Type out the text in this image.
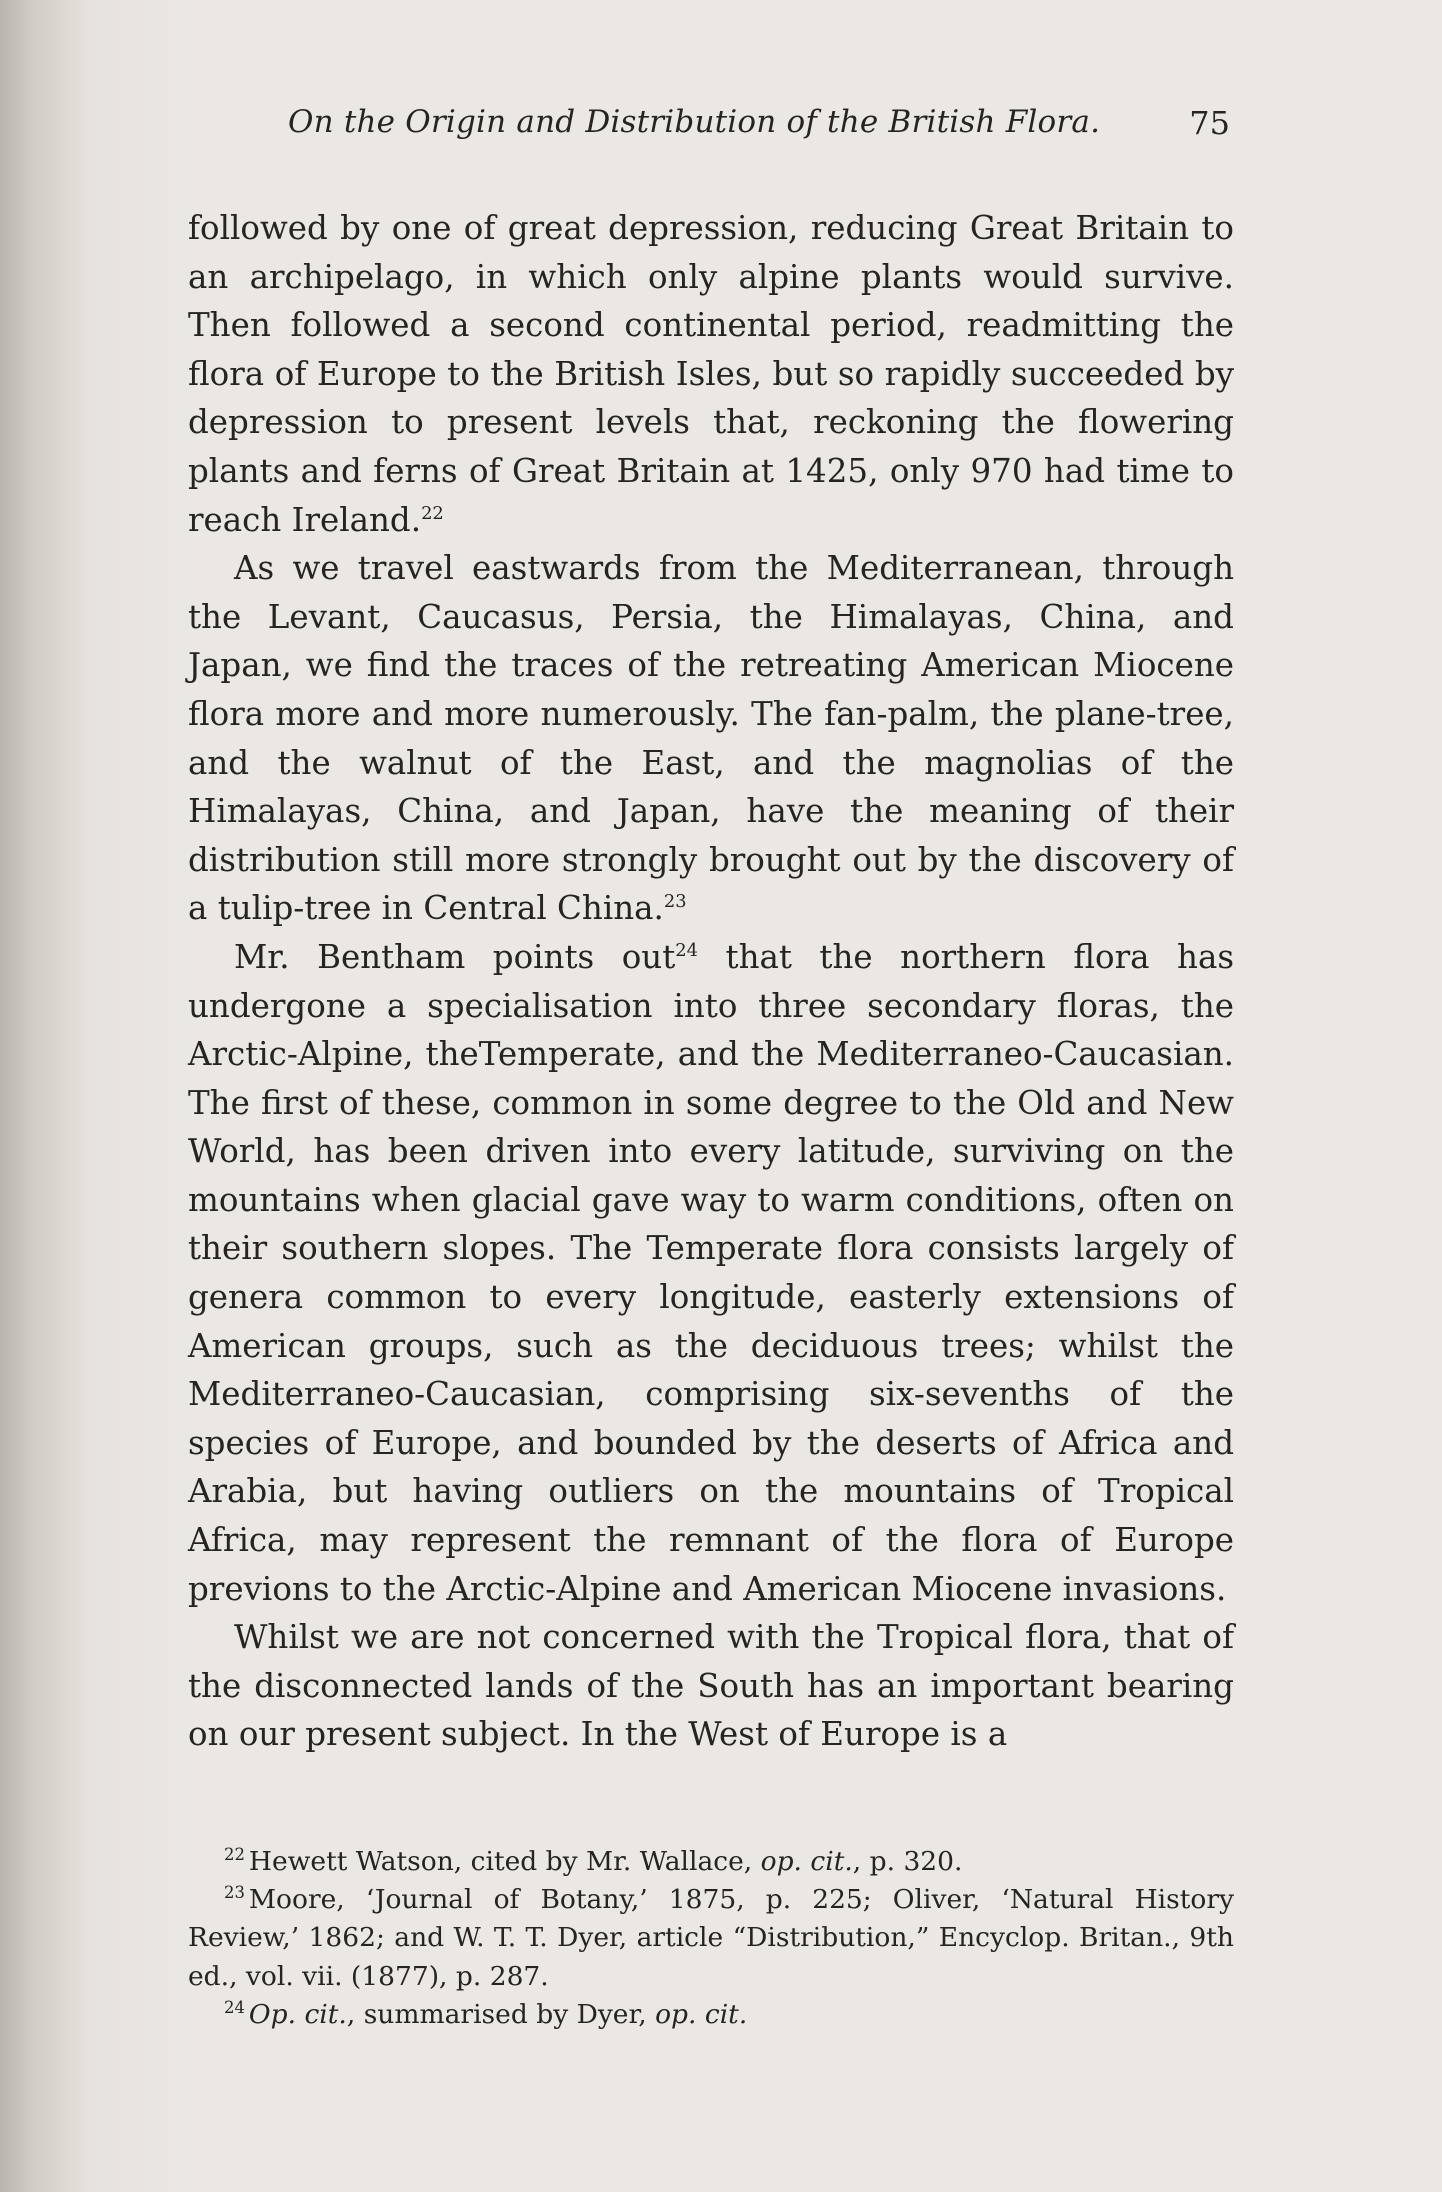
On the Origin and Distribution of the British Flora.	75

followed by one of great depression, reducing Great Britain to an archipelago, in which only alpine plants would survive. Then followed a second continental period, readmitting the flora of Europe to the British Isles, but so rapidly succeeded by depression to present levels that, reckoning the flowering plants and ferns of Great Britain at 1425, only 970 had time to reach Ireland.$^{22}$

As we travel eastwards from the Mediterranean, through the Levant, Caucasus, Persia, the Himalayas, China, and Japan, we find the traces of the retreating American Miocene flora more and more numerously. The fan-palm, the plane-tree, and the walnut of the East, and the magnolias of the Himalayas, China, and Japan, have the meaning of their distribution still more strongly brought out by the discovery of a tulip-tree in Central China.$^{23}$

Mr. Bentham points out$^{24}$ that the northern flora has undergone a specialisation into three secondary floras, the Arctic-Alpine, theTemperate, and the Mediterraneo-Caucasian. The first of these, common in some degree to the Old and New World, has been driven into every latitude, surviving on the mountains when glacial gave way to warm conditions, often on their southern slopes. The Temperate flora consists largely of genera common to every longitude, easterly extensions of American groups, such as the deciduous trees; whilst the Mediterraneo-Caucasian, comprising six-sevenths of the species of Europe, and bounded by the deserts of Africa and Arabia, but having outliers on the mountains of Tropical Africa, may represent the remnant of the flora of Europe previons to the Arctic-Alpine and American Miocene invasions.

Whilst we are not concerned with the Tropical flora, that of the disconnected lands of the South has an important bearing on our present subject. In the West of Europe is a

$^{22}$ Hewett Watson, cited by Mr. Wallace, op. cit., p. 320.

$^{23}$ Moore, ‘Journal of Botany,’ 1875, p. 225; Oliver, ‘Natural History Review,’ 1862; and W. T. T. Dyer, article “Distribution,” Encyclop. Britan., 9th ed., vol. vii. (1877), p. 287.

$^{24}$ Op. cit., summarised by Dyer, op. cit.
